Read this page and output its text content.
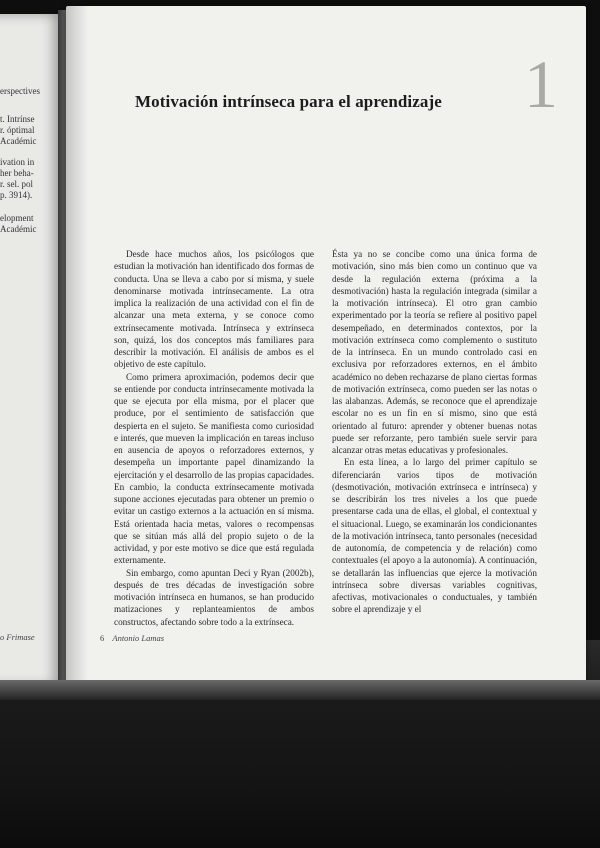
erspectives
t. Intrínse
r. óptimal
Académic
ivation in
her beha-
r. sel. pol
p. 3914).
elopment
Académic
o Frimase
Motivación intrínseca para el aprendizaje 1

Desde hace muchos años, los psicólogos que estudian la motivación han identificado dos formas de conducta. Una se lleva a cabo por sí misma, y suele denominarse motivada intrínsecamente. La otra implica la realización de una actividad con el fin de alcanzar una meta externa, y se conoce como extrínsecamente motivada. Intrínseca y extrínseca son, quizá, los dos conceptos más familiares para describir la motivación. El análisis de ambos es el objetivo de este capítulo.

Como primera aproximación, podemos decir que se entiende por conducta intrínsecamente motivada la que se ejecuta por ella misma, por el placer que produce, por el sentimiento de satisfacción que despierta en el sujeto. Se manifiesta como curiosidad e interés, que mueven la implicación en tareas incluso en ausencia de apoyos o reforzadores externos, y desempeña un importante papel dinamizando la ejercitación y el desarrollo de las propias capacidades. En cambio, la conducta extrínsecamente motivada supone acciones ejecutadas para obtener un premio o evitar un castigo externos a la actuación en sí misma. Está orientada hacia metas, valores o recompensas que se sitúan más allá del propio sujeto o de la actividad, y por este motivo se dice que está regulada externamente.

Sin embargo, como apuntan Deci y Ryan (2002b), después de tres décadas de investigación sobre motivación intrínseca en humanos, se han producido matizaciones y replanteamientos de ambos constructos, afectando sobre todo a la extrínseca.

Ésta ya no se concibe como una única forma de motivación, sino más bien como un continuo que va desde la regulación externa (próxima a la desmotivación) hasta la regulación integrada (similar a la motivación intrínseca). El otro gran cambio experimentado por la teoría se refiere al positivo papel desempeñado, en determinados contextos, por la motivación extrínseca como complemento o sustituto de la intrínseca. En un mundo controlado casi en exclusiva por reforzadores externos, en el ámbito académico no deben rechazarse de plano ciertas formas de motivación extrínseca, como pueden ser las notas o las alabanzas. Además, se reconoce que el aprendizaje escolar no es un fin en sí mismo, sino que está orientado al futuro: aprender y obtener buenas notas puede ser reforzante, pero también suele servir para alcanzar otras metas educativas y profesionales.

En esta línea, a lo largo del primer capítulo se diferenciarán varios tipos de motivación (desmotivación, motivación extrínseca e intrínseca) y se describirán los tres niveles a los que puede presentarse cada una de ellas, el global, el contextual y el situacional. Luego, se examinarán los condicionantes de la motivación intrínseca, tanto personales (necesidad de autonomía, de competencia y de relación) como contextuales (el apoyo a la autonomía). A continuación, se detallarán las influencias que ejerce la motivación intrínseca sobre diversas variables cognitivas, afectivas, motivacionales o conductuales, y también sobre el aprendizaje y el

6 Antonio Lamas
